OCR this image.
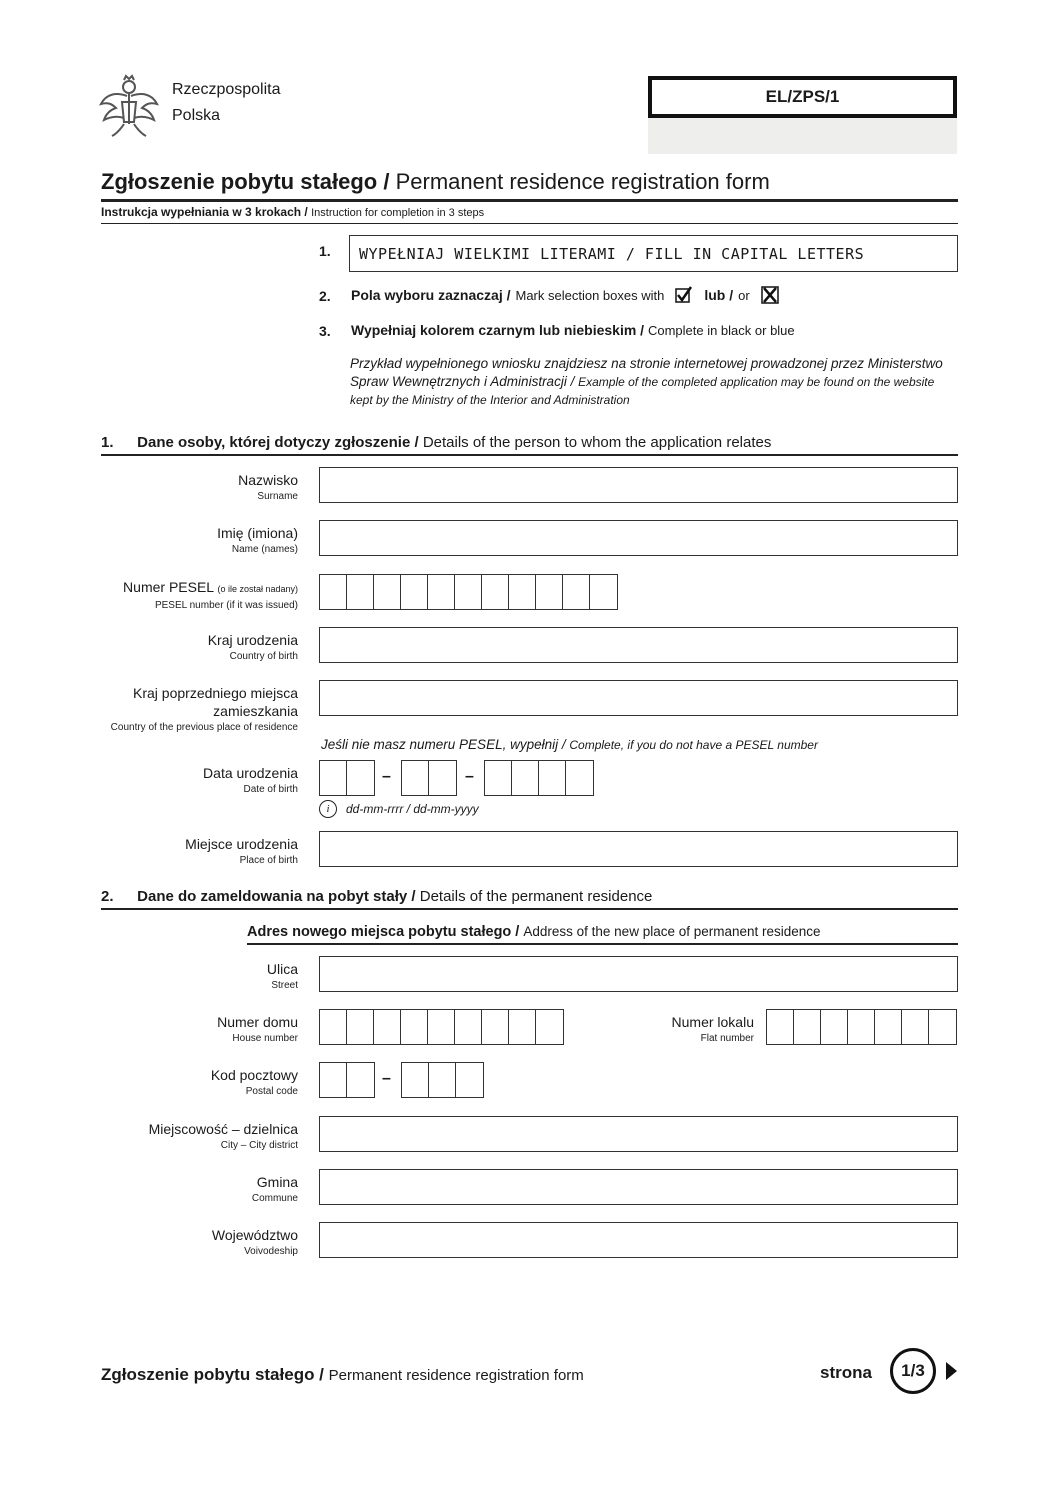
Rzeczpospolita
Polska
EL/ZPS/1
Zgłoszenie pobytu stałego / Permanent residence registration form
Instrukcja wypełniania w 3 krokach / Instruction for completion in 3 steps
1. WYPEŁNIAJ WIELKIMI LITERAMI / FILL IN CAPITAL LETTERS
2. Pola wyboru zaznaczaj / Mark selection boxes with	lub / or
3. Wypełniaj kolorem czarnym lub niebieskim / Complete in black or blue
Przykład wypełnionego wniosku znajdziesz na stronie internetowej prowadzonej przez Ministerstwo Spraw Wewnętrznych i Administracji / Example of the completed application may be found on the website kept by the Ministry of the Interior and Administration
1. Dane osoby, której dotyczy zgłoszenie / Details of the person to whom the application relates
Nazwisko
Surname
Imię (imiona)
Name (names)
Numer PESEL (o ile został nadany)
PESEL number (if it was issued)
Kraj urodzenia
Country of birth
Kraj poprzedniego miejsca
zamieszkania
Country of the previous place of residence
Jeśli nie masz numeru PESEL, wypełnij / Complete, if you do not have a PESEL number
Data urodzenia
Date of birth
–	–
i	dd-mm-rrrr / dd-mm-yyyy
Miejsce urodzenia
Place of birth
2. Dane do zameldowania na pobyt stały / Details of the permanent residence
Adres nowego miejsca pobytu stałego / Address of the new place of permanent residence
Ulica
Street
Numer domu
House number
Numer lokalu
Flat number
Kod pocztowy
Postal code
–
Miejscowość – dzielnica
City – City district
Gmina
Commune
Województwo
Voivodeship
Zgłoszenie pobytu stałego / Permanent residence registration form	strona 1/3
